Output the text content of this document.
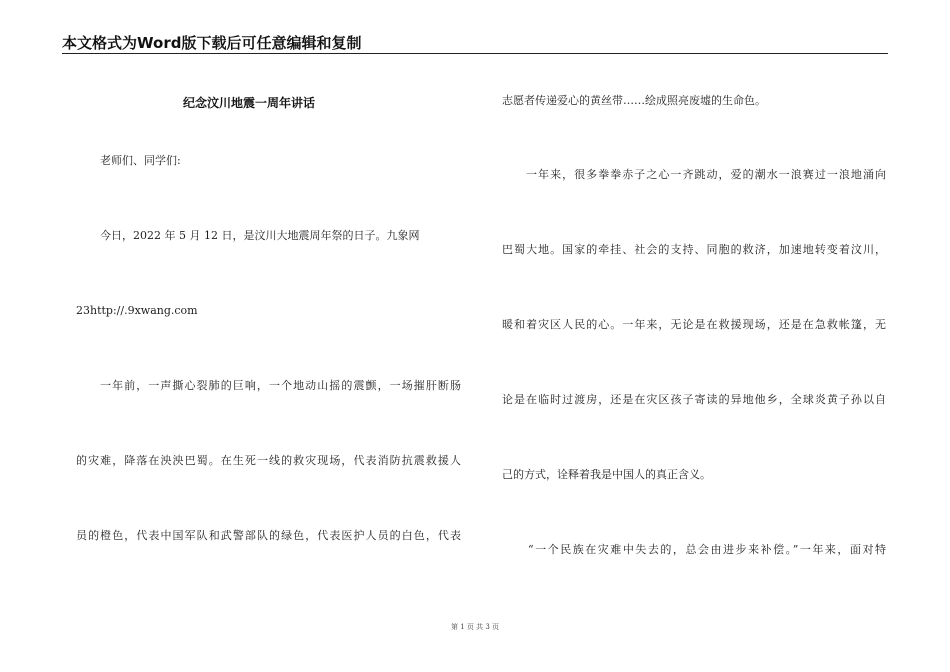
本文格式为Word版下载后可任意编辑和复制
纪念汶川地震一周年讲话
老师们、同学们:
今日，2022 年 5 月 12 日，是汶川大地震周年祭的日子。九象网
23http://.9xwang.com
一年前，一声撕心裂肺的巨响，一个地动山摇的震颤，一场摧肝断肠
的灾难，降落在泱泱巴蜀。在生死一线的救灾现场，代表消防抗震救援人
员的橙色，代表中国军队和武警部队的绿色，代表医护人员的白色，代表
志愿者传递爱心的黄丝带……绘成照亮废墟的生命色。
一年来，很多拳拳赤子之心一齐跳动，爱的潮水一浪赛过一浪地涌向
巴蜀大地。国家的牵挂、社会的支持、同胞的救济，加速地转变着汶川，
暖和着灾区人民的心。一年来，无论是在救援现场，还是在急救帐篷，无
论是在临时过渡房，还是在灾区孩子寄读的异地他乡，全球炎黄子孙以自
己的方式，诠释着我是中国人的真正含义。
“一个民族在灾难中失去的，总会由进步来补偿。”一年来，面对特
第 1 页 共 3 页
